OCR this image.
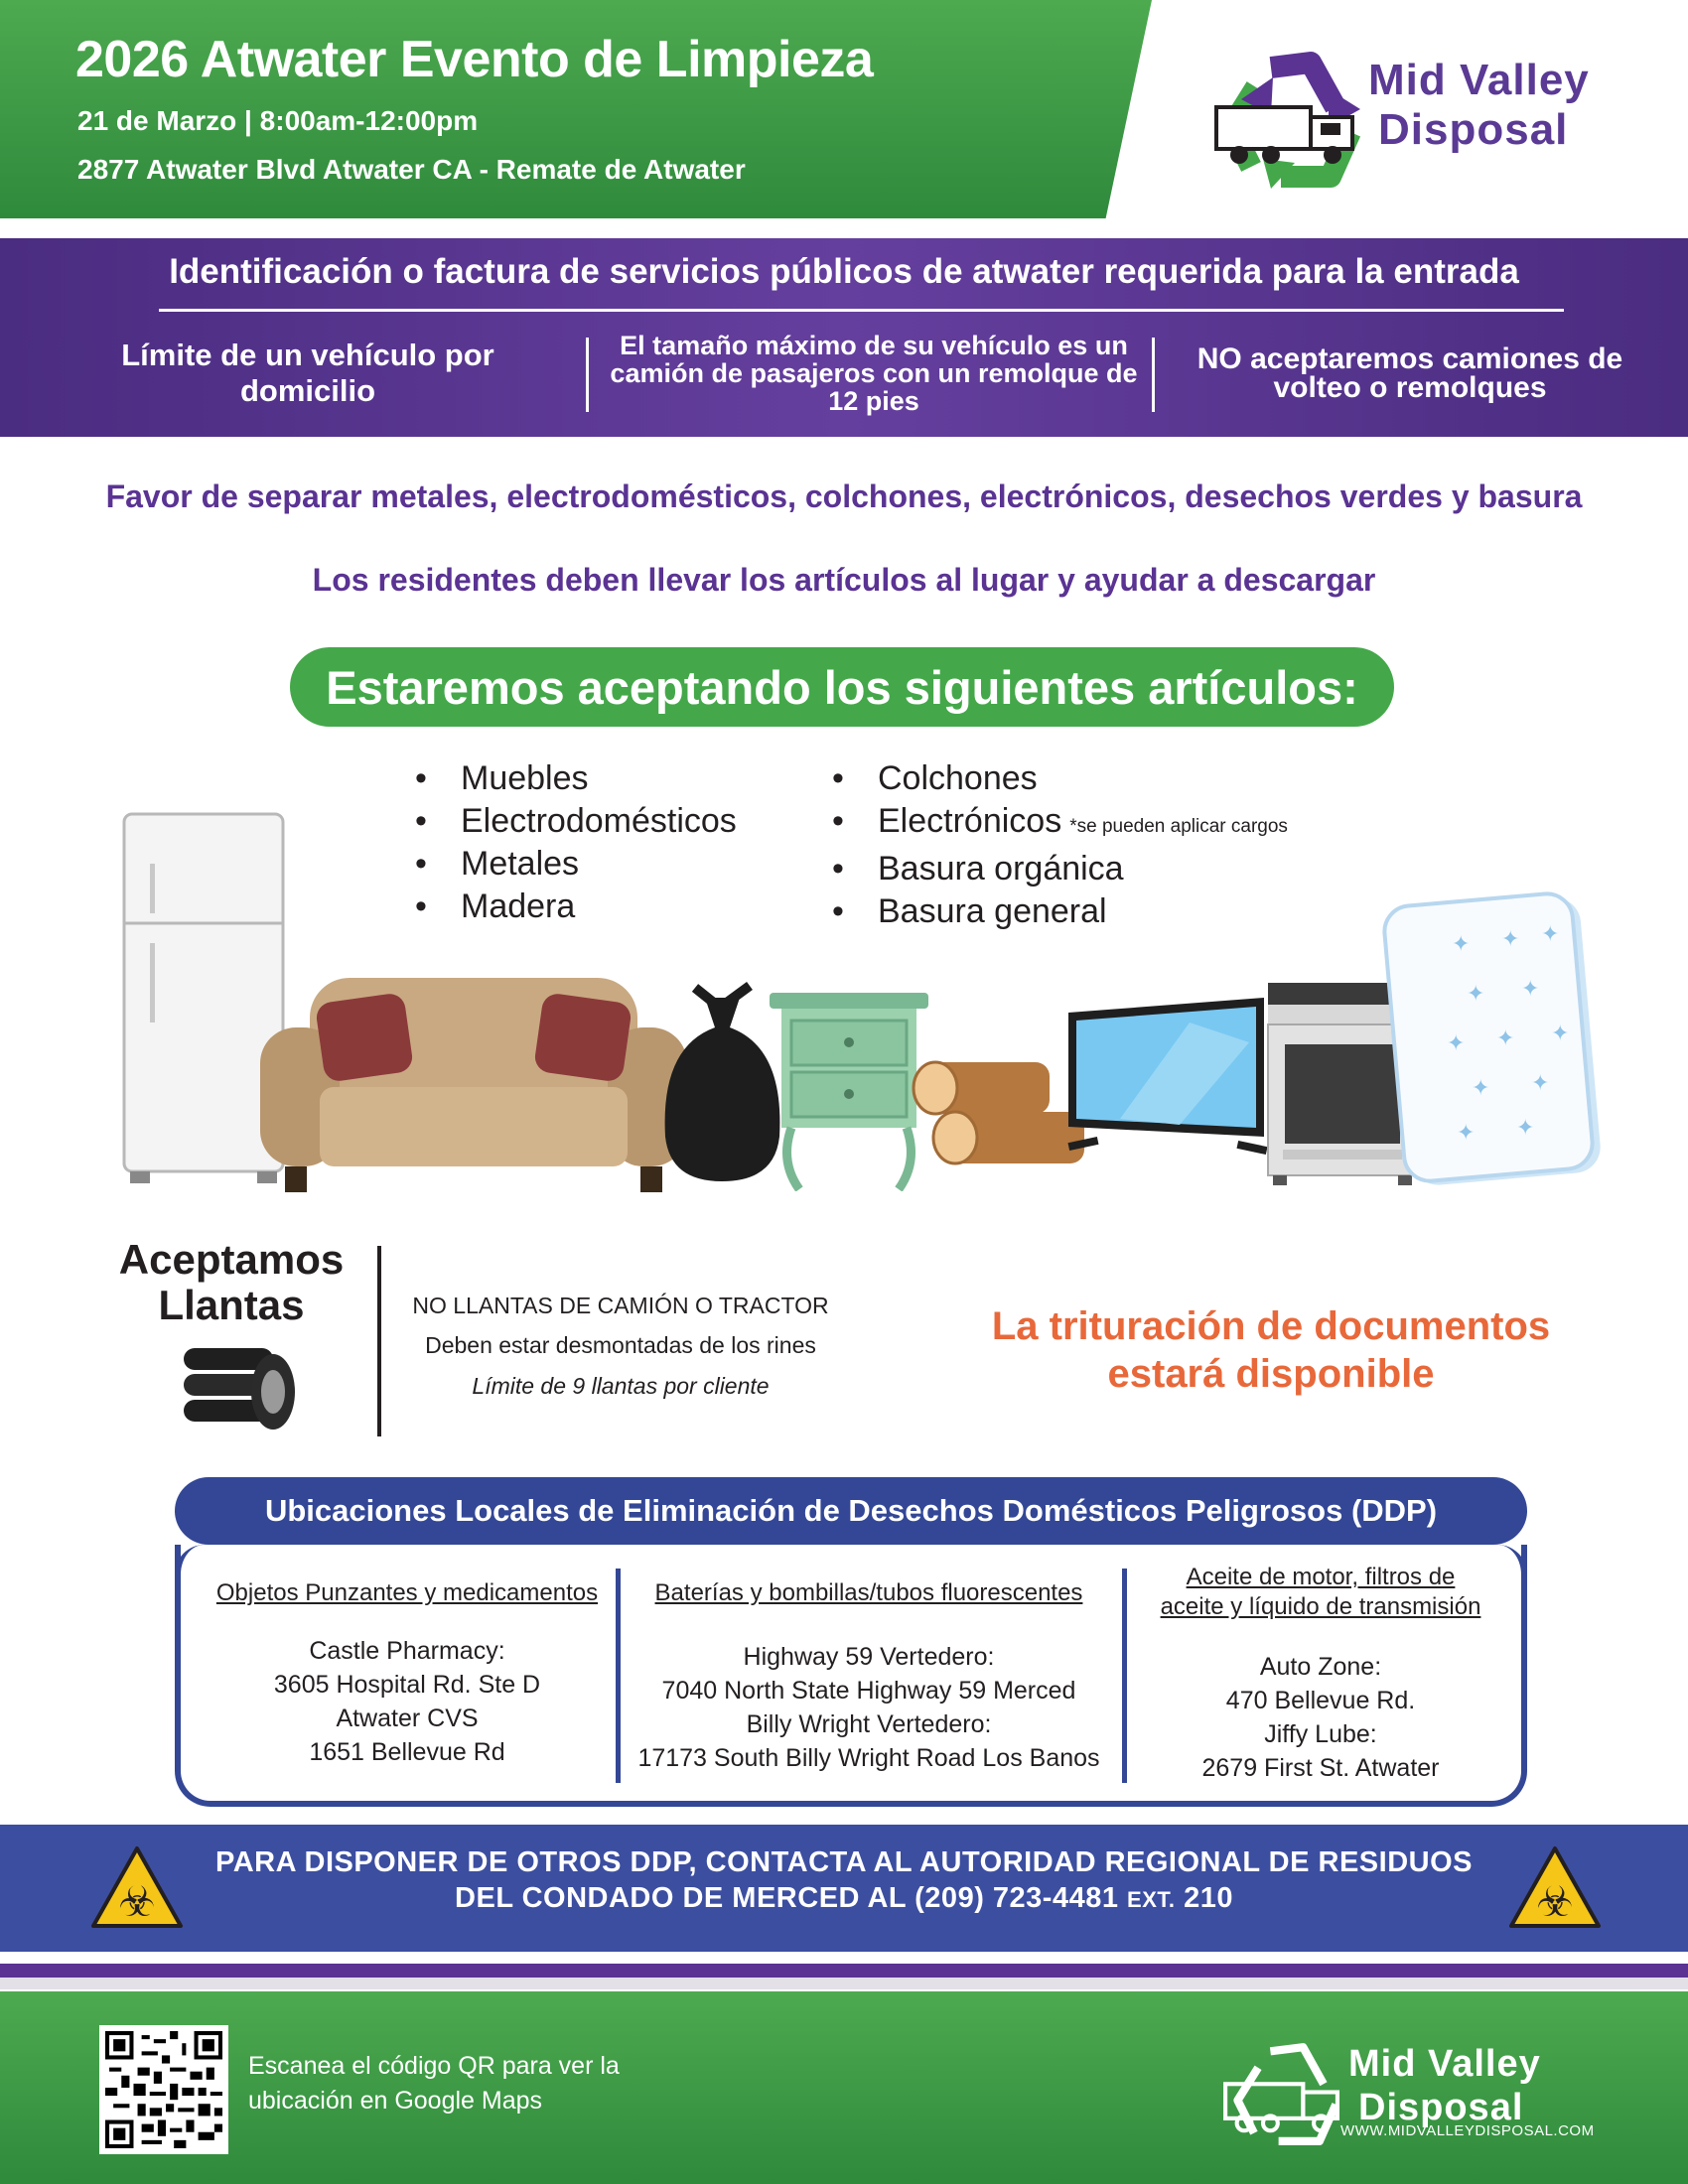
2026 Atwater Evento de Limpieza
21 de Marzo | 8:00am-12:00pm
2877 Atwater Blvd Atwater CA - Remate de Atwater
Mid Valley
Disposal
Identificación o factura de servicios públicos de atwater requerida para la entrada
Límite de un vehículo por domicilio
El tamaño máximo de su vehículo es un camión de pasajeros con un remolque de 12 pies
NO aceptaremos camiones de volteo o remolques
Favor de separar metales, electrodomésticos, colchones, electrónicos, desechos verdes y basura
Los residentes deben llevar los artículos al lugar y ayudar a descargar
Estaremos aceptando los siguientes artículos:
• Muebles
• Electrodomésticos
• Metales
• Madera
• Colchones
• Electrónicos *se pueden aplicar cargos
• Basura orgánica
• Basura general
✦ ✦ ✦
✦ ✦
✦ ✦ ✦
✦ ✦
✦ ✦
Aceptamos
Llantas	NO LLANTAS DE CAMIÓN O TRACTOR
Deben estar desmontadas de los rines
Límite de 9 llantas por cliente
La trituración de documentos
estará disponible
Ubicaciones Locales de Eliminación de Desechos Domésticos Peligrosos (DDP)
Objetos Punzantes y medicamentos
Castle Pharmacy:
3605 Hospital Rd. Ste D
Atwater CVS
1651 Bellevue Rd
Baterías y bombillas/tubos fluorescentes
Highway 59 Vertedero:
7040 North State Highway 59 Merced
Billy Wright Vertedero:
17173 South Billy Wright Road Los Banos
Aceite de motor, filtros de
aceite y líquido de transmisión
Auto Zone:
470 Bellevue Rd.
Jiffy Lube:
2679 First St. Atwater
☣
PARA DISPONER DE OTROS DDP, CONTACTA AL AUTORIDAD REGIONAL DE RESIDUOS
DEL CONDADO DE MERCED AL (209) 723-4481 EXT. 210	☣
Escanea el código QR para ver la
ubicación en Google Maps
Mid Valley
Disposal
WWW.MIDVALLEYDISPOSAL.COM
